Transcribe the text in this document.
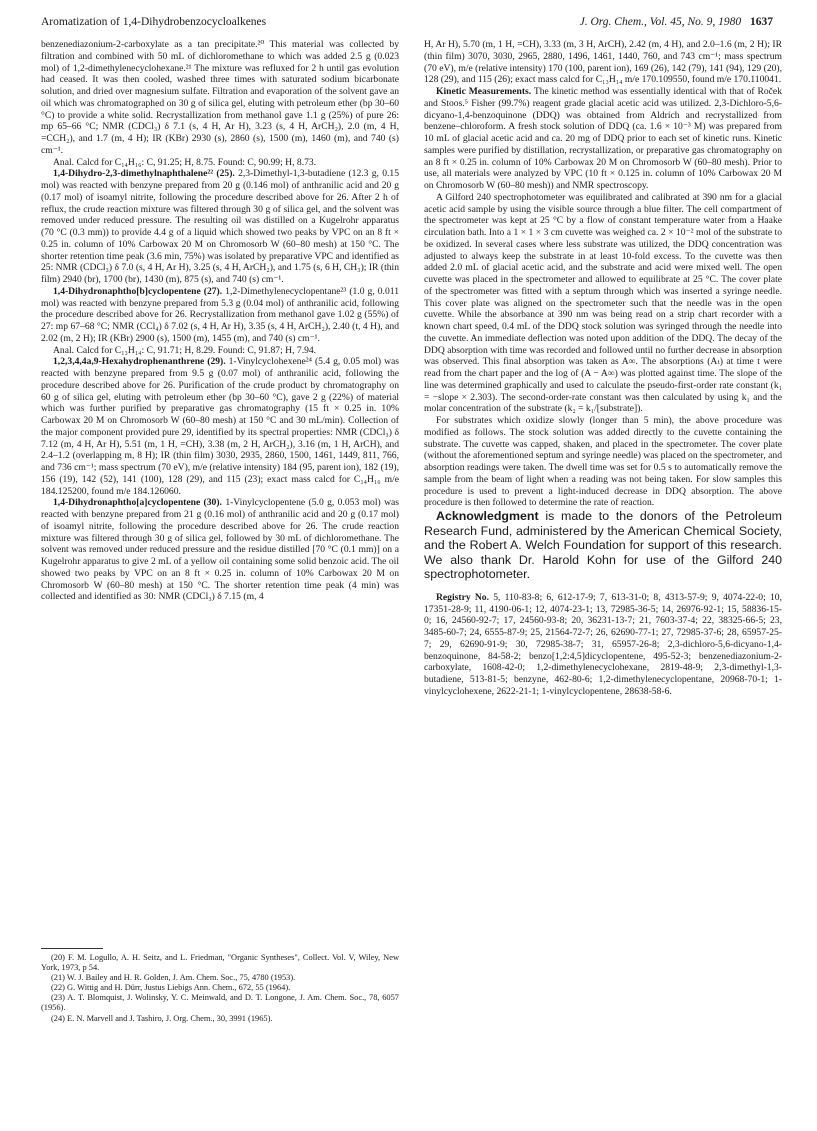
Aromatization of 1,4-Dihydrobenzocycloalkenes	J. Org. Chem., Vol. 45, No. 9, 1980 1637

benzenediazonium-2-carboxylate as a tan precipitate.²⁰ This material was collected by filtration and combined with 50 mL of dichloromethane to which was added 2.5 g (0.023 mol) of 1,2-dimethylenecyclohexane.²¹ The mixture was refluxed for 2 h until gas evolution had ceased. It was then cooled, washed three times with saturated sodium bicarbonate solution, and dried over magnesium sulfate. Filtration and evaporation of the solvent gave an oil which was chromatographed on 30 g of silica gel, eluting with petroleum ether (bp 30–60 °C) to provide a white solid. Recrystallization from methanol gave 1.1 g (25%) of pure 26: mp 65–66 °C; NMR (CDCl₃) δ 7.1 (s, 4 H, Ar H), 3.23 (s, 4 H, ArCH₂), 2.0 (m, 4 H, =CCH₂), and 1.7 (m, 4 H); IR (KBr) 2930 (s), 2860 (s), 1500 (m), 1460 (m), and 740 (s) cm⁻¹.

Anal. Calcd for C₁₄H₁₆: C, 91.25; H, 8.75. Found: C, 90.99; H, 8.73.

1,4-Dihydro-2,3-dimethylnaphthalene²² (25). 2,3-Dimethyl-1,3-butadiene (12.3 g, 0.15 mol) was reacted with benzyne prepared from 20 g (0.146 mol) of anthranilic acid and 20 g (0.17 mol) of isoamyl nitrite, following the procedure described above for 26. After 2 h of reflux, the crude reaction mixture was filtered through 30 g of silica gel, and the solvent was removed under reduced pressure. The resulting oil was distilled on a Kugelrohr apparatus (70 °C (0.3 mm)) to provide 4.4 g of a liquid which showed two peaks by VPC on an 8 ft × 0.25 in. column of 10% Carbowax 20 M on Chromosorb W (60–80 mesh) at 150 °C. The shorter retention time peak (3.6 min, 75%) was isolated by preparative VPC and identified as 25: NMR (CDCl₃) δ 7.0 (s, 4 H, Ar H), 3.25 (s, 4 H, ArCH₂), and 1.75 (s, 6 H, CH₃); IR (thin film) 2940 (br), 1700 (br), 1430 (m), 875 (s), and 740 (s) cm⁻¹.

1,4-Dihydronaphtho[b]cyclopentene (27). 1,2-Dimethylenecyclopentane²³ (1.0 g, 0.011 mol) was reacted with benzyne prepared from 5.3 g (0.04 mol) of anthranilic acid, following the procedure described above for 26. Recrystallization from methanol gave 1.02 g (55%) of 27: mp 67–68 °C; NMR (CCl₄) δ 7.02 (s, 4 H, Ar H), 3.35 (s, 4 H, ArCH₂), 2.40 (t, 4 H), and 2.02 (m, 2 H); IR (KBr) 2900 (s), 1500 (m), 1455 (m), and 740 (s) cm⁻¹.

Anal. Calcd for C₁₃H₁₄: C, 91.71; H, 8.29. Found: C, 91.87; H, 7.94.

1,2,3,4,4a,9-Hexahydrophenanthrene (29). 1-Vinylcyclohexene²⁴ (5.4 g, 0.05 mol) was reacted with benzyne prepared from 9.5 g (0.07 mol) of anthranilic acid, following the procedure described above for 26. Purification of the crude product by chromatography on 60 g of silica gel, eluting with petroleum ether (bp 30–60 °C), gave 2 g (22%) of material which was further purified by preparative gas chromatography (15 ft × 0.25 in. 10% Carbowax 20 M on Chromosorb W (60–80 mesh) at 150 °C and 30 mL/min). Collection of the major component provided pure 29, identified by its spectral properties: NMR (CDCl₃) δ 7.12 (m, 4 H, Ar H), 5.51 (m, 1 H, =CH), 3.38 (m, 2 H, ArCH₂), 3.16 (m, 1 H, ArCH), and 2.4–1.2 (overlapping m, 8 H); IR (thin film) 3030, 2935, 2860, 1500, 1461, 1449, 811, 766, and 736 cm⁻¹; mass spectrum (70 eV), m/e (relative intensity) 184 (95, parent ion), 182 (19), 156 (19), 142 (52), 141 (100), 128 (29), and 115 (23); exact mass calcd for C₁₄H₁₆ m/e 184.125200, found m/e 184.126060.

1,4-Dihydronaphtho[a]cyclopentene (30). 1-Vinylcyclopentene (5.0 g, 0.053 mol) was reacted with benzyne prepared from 21 g (0.16 mol) of anthranilic acid and 20 g (0.17 mol) of isoamyl nitrite, following the procedure described above for 26. The crude reaction mixture was filtered through 30 g of silica gel, followed by 30 mL of dichloromethane. The solvent was removed under reduced pressure and the residue distilled [70 °C (0.1 mm)] on a Kugelrohr apparatus to give 2 mL of a yellow oil containing some solid benzoic acid. The oil showed two peaks by VPC on an 8 ft × 0.25 in. column of 10% Carbowax 20 M on Chromosorb W (60–80 mesh) at 150 °C. The shorter retention time peak (4 min) was collected and identified as 30: NMR (CDCl₃) δ 7.15 (m, 4

(20) F. M. Logullo, A. H. Seitz, and L. Friedman, "Organic Syntheses", Collect. Vol. V, Wiley, New York, 1973, p 54.
(21) W. J. Bailey and H. R. Golden, J. Am. Chem. Soc., 75, 4780 (1953).
(22) G. Wittig and H. Dürr, Justus Liebigs Ann. Chem., 672, 55 (1964).
(23) A. T. Blomquist, J. Wolinsky, Y. C. Meinwald, and D. T. Longone, J. Am. Chem. Soc., 78, 6057 (1956).
(24) E. N. Marvell and J. Tashiro, J. Org. Chem., 30, 3991 (1965).

H, Ar H), 5.70 (m, 1 H, =CH), 3.33 (m, 3 H, ArCH), 2.42 (m, 4 H), and 2.0–1.6 (m, 2 H); IR (thin film) 3070, 3030, 2965, 2880, 1496, 1461, 1440, 760, and 743 cm⁻¹; mass spectrum (70 eV), m/e (relative intensity) 170 (100, parent ion), 169 (26), 142 (79), 141 (94), 129 (20), 128 (29), and 115 (26); exact mass calcd for C₁₃H₁₄ m/e 170.109550, found m/e 170.110041.

Kinetic Measurements. The kinetic method was essentially identical with that of Roček and Stoos.⁵ Fisher (99.7%) reagent grade glacial acetic acid was utilized. 2,3-Dichloro-5,6-dicyano-1,4-benzoquinone (DDQ) was obtained from Aldrich and recrystallized from benzene–chloroform. A fresh stock solution of DDQ (ca. 1.6 × 10⁻³ M) was prepared from 10 mL of glacial acetic acid and ca. 20 mg of DDQ prior to each set of kinetic runs. Kinetic samples were purified by distillation, recrystallization, or preparative gas chromatography on an 8 ft × 0.25 in. column of 10% Carbowax 20 M on Chromosorb W (60–80 mesh). Prior to use, all materials were analyzed by VPC (10 ft × 0.125 in. column of 10% Carbowax 20 M on Chromosorb W (60–80 mesh)) and NMR spectroscopy.

A Gilford 240 spectrophotometer was equilibrated and calibrated at 390 nm for a glacial acetic acid sample by using the visible source through a blue filter. The cell compartment of the spectrometer was kept at 25 °C by a flow of constant temperature water from a Haake circulation bath. Into a 1 × 1 × 3 cm cuvette was weighed ca. 2 × 10⁻² mol of the substrate to be oxidized. In several cases where less substrate was utilized, the DDQ concentration was adjusted to always keep the substrate in at least 10-fold excess. To the cuvette was then added 2.0 mL of glacial acetic acid, and the substrate and acid were mixed well. The open cuvette was placed in the spectrometer and allowed to equilibrate at 25 °C. The cover plate of the spectrometer was fitted with a septum through which was inserted a syringe needle. This cover plate was aligned on the spectrometer such that the needle was in the open cuvette. While the absorbance at 390 nm was being read on a strip chart recorder with a known chart speed, 0.4 mL of the DDQ stock solution was syringed through the needle into the cuvette. An immediate deflection was noted upon addition of the DDQ. The decay of the DDQ absorption with time was recorded and followed until no further decrease in absorption was observed. This final absorption was taken as A∞. The absorptions (Aₜ) at time t were read from the chart paper and the log of (A − A∞) was plotted against time. The slope of the line was determined graphically and used to calculate the pseudo-first-order rate constant (k₁ = −slope × 2.303). The second-order-rate constant was then calculated by using k₁ and the molar concentration of the substrate (k₂ = k₁/[substrate]).

For substrates which oxidize slowly (longer than 5 min), the above procedure was modified as follows. The stock solution was added directly to the cuvette containing the substrate. The cuvette was capped, shaken, and placed in the spectrometer. The cover plate (without the aforementioned septum and syringe needle) was placed on the spectrometer, and absorption readings were taken. The dwell time was set for 0.5 s to automatically remove the sample from the beam of light when a reading was not being taken. For slow samples this procedure is used to prevent a light-induced decrease in DDQ absorption. The above procedure is then followed to determine the rate of reaction.

Acknowledgment is made to the donors of the Petroleum Research Fund, administered by the American Chemical Society, and the Robert A. Welch Foundation for support of this research. We also thank Dr. Harold Kohn for use of the Gilford 240 spectrophotometer.

Registry No. 5, 110-83-8; 6, 612-17-9; 7, 613-31-0; 8, 4313-57-9; 9, 4074-22-0; 10, 17351-28-9; 11, 4190-06-1; 12, 4074-23-1; 13, 72985-36-5; 14, 26976-92-1; 15, 58836-15-0; 16, 24560-92-7; 17, 24560-93-8; 20, 36231-13-7; 21, 7603-37-4; 22, 38325-66-5; 23, 3485-60-7; 24, 6555-87-9; 25, 21564-72-7; 26, 62690-77-1; 27, 72985-37-6; 28, 65957-25-7; 29, 62690-91-9; 30, 72985-38-7; 31, 65957-26-8; 2,3-dichloro-5,6-dicyano-1,4-benzoquinone, 84-58-2; benzo[1,2:4,5]dicyclopentene, 495-52-3; benzenediazonium-2-carboxylate, 1608-42-0; 1,2-dimethylenecyclohexane, 2819-48-9; 2,3-dimethyl-1,3-butadiene, 513-81-5; benzyne, 462-80-6; 1,2-dimethylenecyclopentane, 20968-70-1; 1-vinylcyclohexene, 2622-21-1; 1-vinylcyclopentene, 28638-58-6.
